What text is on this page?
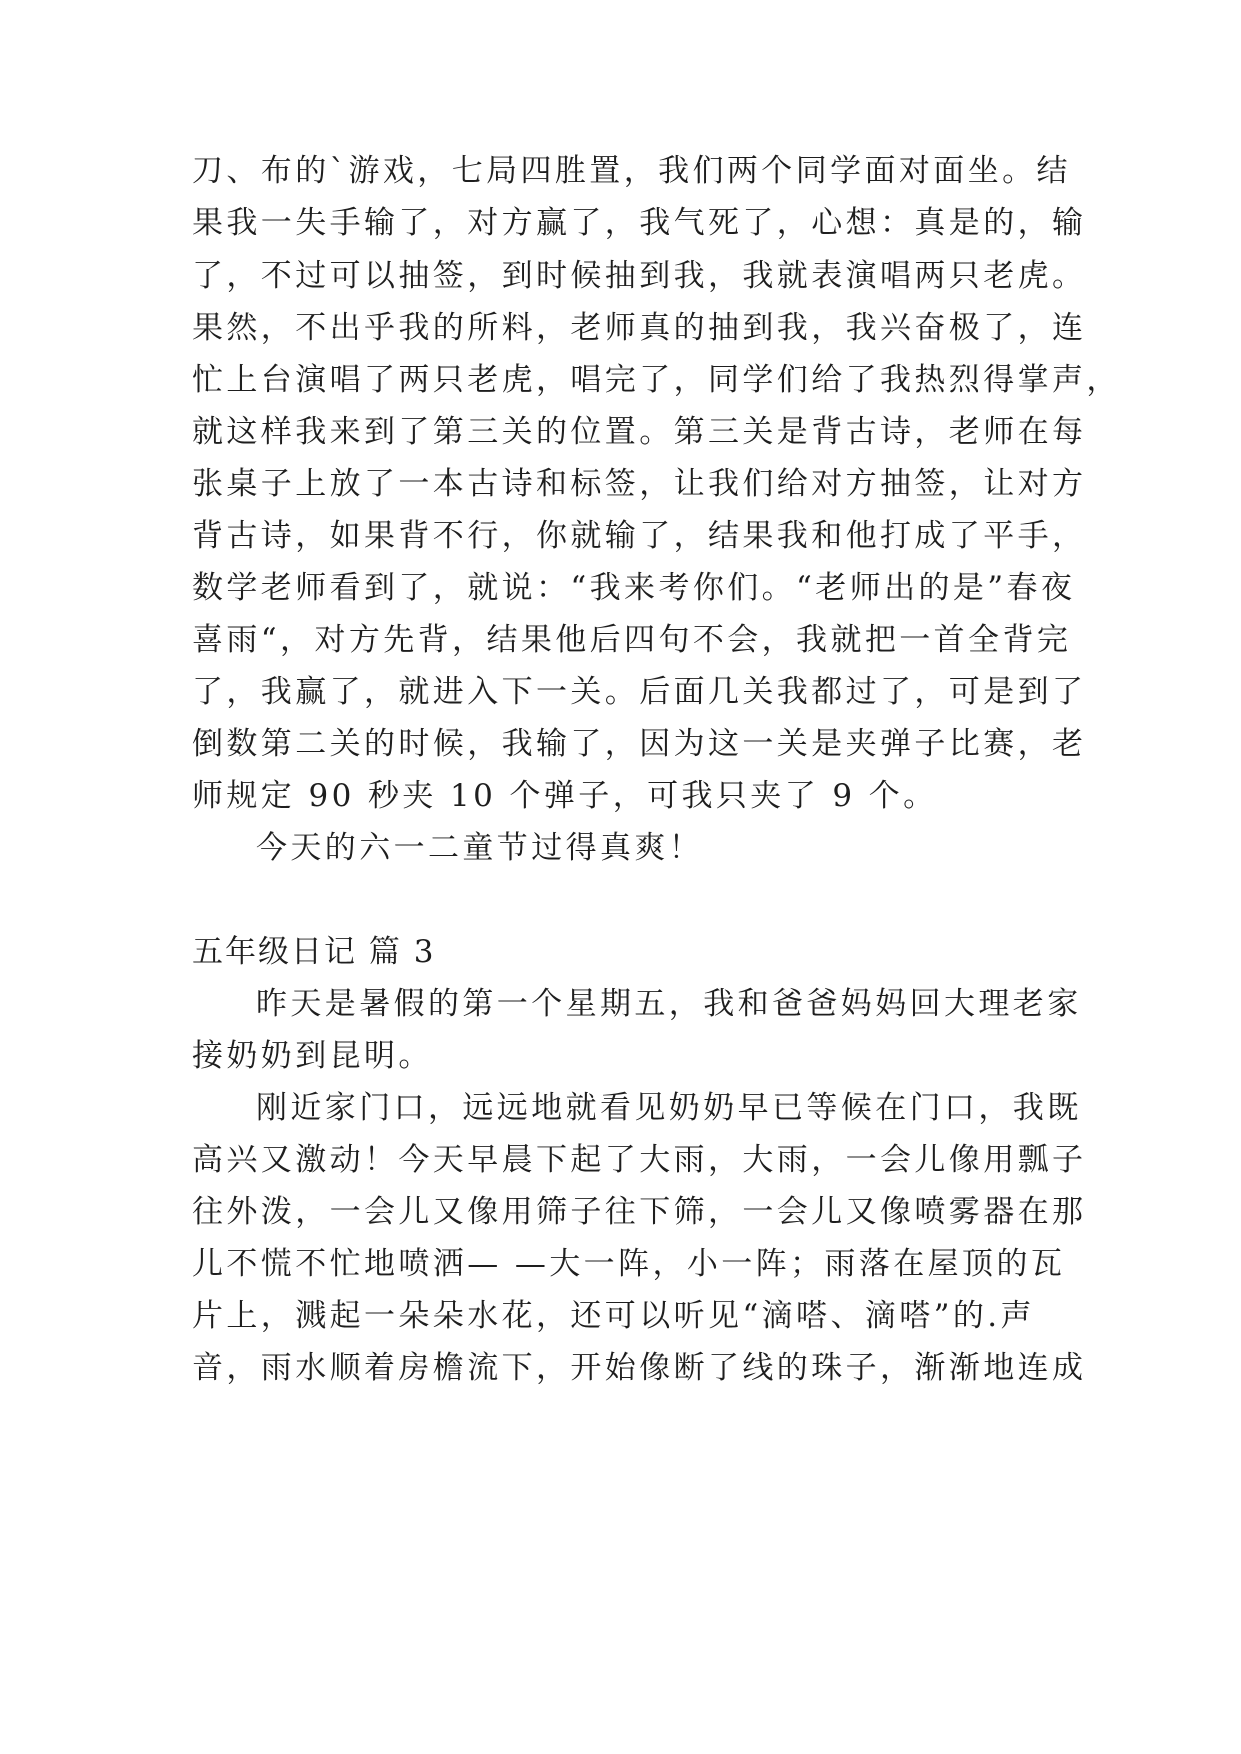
刀、布的`游戏，七局四胜置，我们两个同学面对面坐。结
果我一失手输了，对方赢了，我气死了，心想：真是的，输
了，不过可以抽签，到时候抽到我，我就表演唱两只老虎。
果然，不出乎我的所料，老师真的抽到我，我兴奋极了，连
忙上台演唱了两只老虎，唱完了，同学们给了我热烈得掌声，
就这样我来到了第三关的位置。第三关是背古诗，老师在每
张桌子上放了一本古诗和标签，让我们给对方抽签，让对方
背古诗，如果背不行，你就输了，结果我和他打成了平手，
数学老师看到了，就说：“我来考你们。“老师出的是”春夜
喜雨“，对方先背，结果他后四句不会，我就把一首全背完
了，我赢了，就进入下一关。后面几关我都过了，可是到了
倒数第二关的时候，我输了，因为这一关是夹弹子比赛，老
师规定 90 秒夹 10 个弹子，可我只夹了 9 个。
今天的六一二童节过得真爽！
五年级日记 篇 3
昨天是暑假的第一个星期五，我和爸爸妈妈回大理老家
接奶奶到昆明。
刚近家门口，远远地就看见奶奶早已等候在门口，我既
高兴又激动！今天早晨下起了大雨，大雨，一会儿像用瓢子
往外泼，一会儿又像用筛子往下筛，一会儿又像喷雾器在那
儿不慌不忙地喷洒— —大一阵，小一阵；雨落在屋顶的瓦
片上，溅起一朵朵水花，还可以听见“滴嗒、滴嗒”的.声
音，雨水顺着房檐流下，开始像断了线的珠子，渐渐地连成
